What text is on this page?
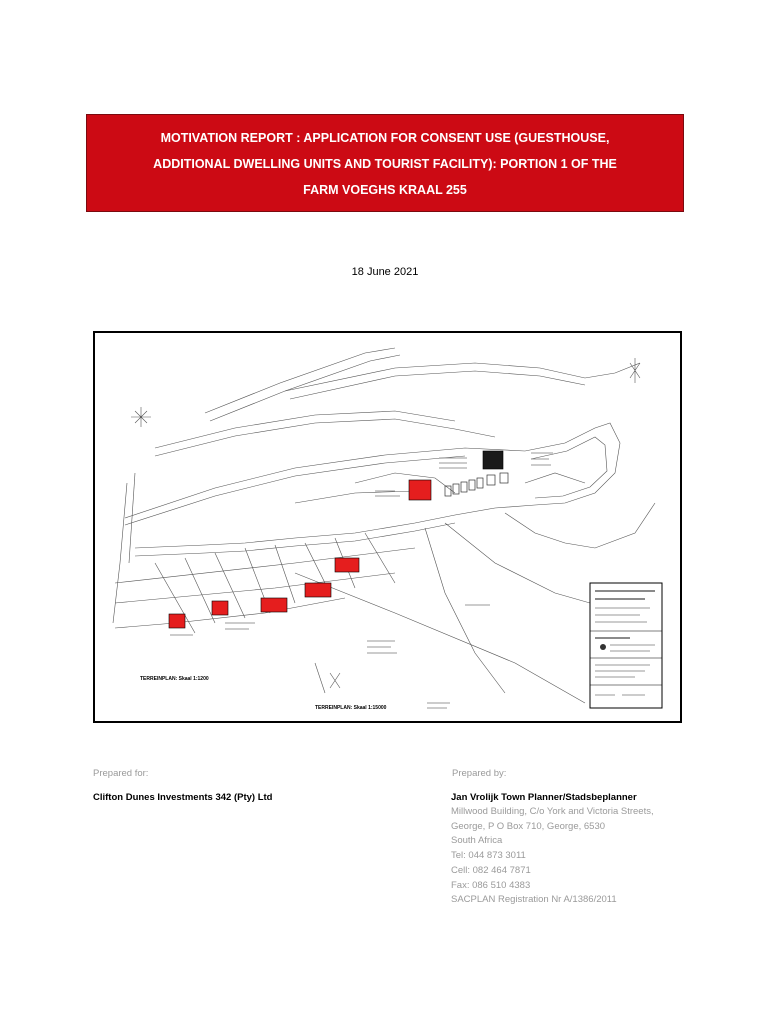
MOTIVATION REPORT : APPLICATION FOR CONSENT USE (GUESTHOUSE,
ADDITIONAL DWELLING UNITS AND TOURIST FACILITY): PORTION 1 OF THE
FARM VOEGHS KRAAL 255
18 June 2021
TERREINPLAN: Skaal 1:1200
TERREINPLAN: Skaal 1:15000
Prepared for:	Prepared by:
Clifton Dunes Investments 342 (Pty) Ltd	Jan Vrolijk Town Planner/Stadsbeplanner
Millwood Building, C/o York and Victoria Streets,
George, P O Box 710, George, 6530
South Africa
Tel: 044 873 3011
Cell: 082 464 7871
Fax: 086 510 4383
SACPLAN Registration Nr A/1386/2011
